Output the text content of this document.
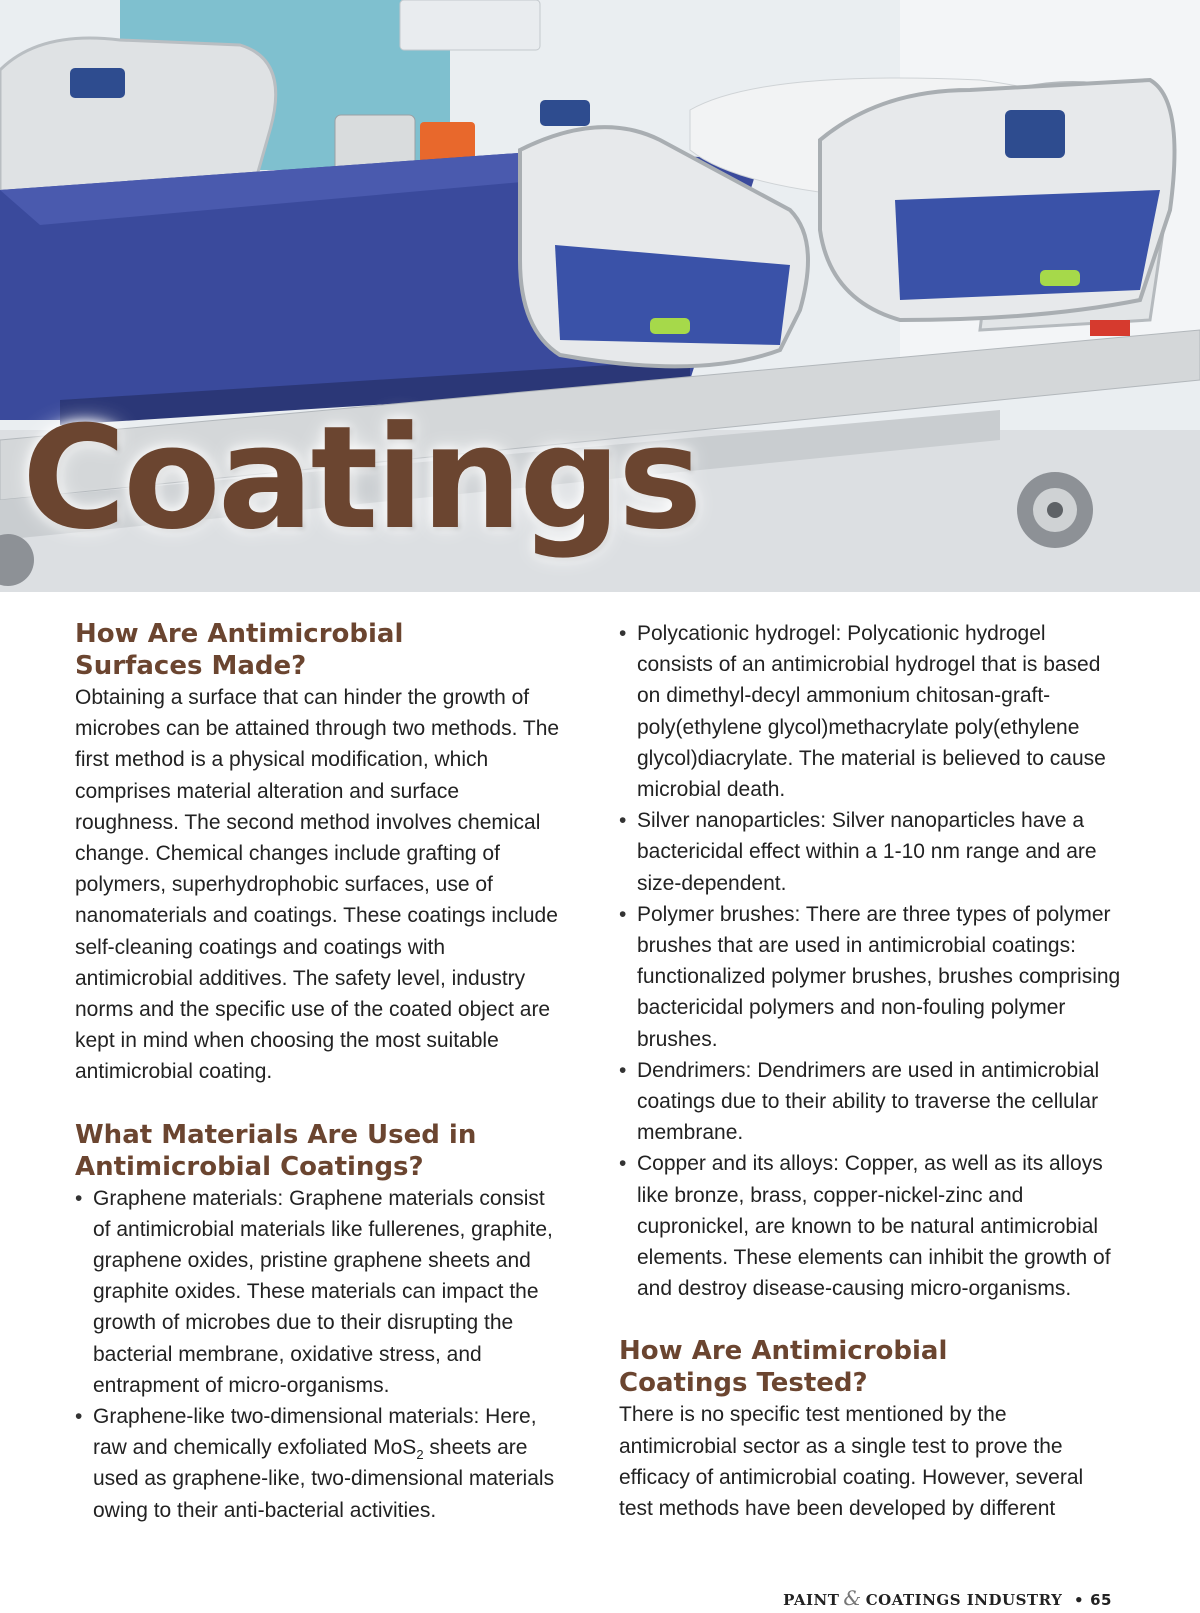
Coatings
How Are Antimicrobial Surfaces Made?

Obtaining a surface that can hinder the growth of microbes can be attained through two methods. The first method is a physical modification, which comprises material alteration and surface roughness. The second method involves chemical change. Chemical changes include grafting of polymers, superhydrophobic surfaces, use of nanomaterials and coatings. These coatings include self-cleaning coatings and coatings with antimicrobial additives. The safety level, industry norms and the specific use of the coated object are kept in mind when choosing the most suitable antimicrobial coating.

What Materials Are Used in Antimicrobial Coatings?
• Graphene materials: Graphene materials consist of antimicrobial materials like fullerenes, graphite, graphene oxides, pristine graphene sheets and graphite oxides. These materials can impact the growth of microbes due to their disrupting the bacterial membrane, oxidative stress, and entrapment of micro-organisms.
• Graphene-like two-dimensional materials: Here, raw and chemically exfoliated MoS$_2$ sheets are used as graphene-like, two-dimensional materials owing to their anti-bacterial activities.
• Polycationic hydrogel: Polycationic hydrogel consists of an antimicrobial hydrogel that is based on dimethyl-decyl ammonium chitosan-graft-poly(ethylene glycol)methacrylate poly(ethylene glycol)diacrylate. The material is believed to cause microbial death.
• Silver nanoparticles: Silver nanoparticles have a bactericidal effect within a 1-10 nm range and are size-dependent.
• Polymer brushes: There are three types of polymer brushes that are used in antimicrobial coatings: functionalized polymer brushes, brushes comprising bactericidal polymers and non-fouling polymer brushes.
• Dendrimers: Dendrimers are used in antimicrobial coatings due to their ability to traverse the cellular membrane.
• Copper and its alloys: Copper, as well as its alloys like bronze, brass, copper-nickel-zinc and cupronickel, are known to be natural antimicrobial elements. These elements can inhibit the growth of and destroy disease-causing micro-organisms.
How Are Antimicrobial Coatings Tested?

There is no specific test mentioned by the antimicrobial sector as a single test to prove the efficacy of antimicrobial coating. However, several test methods have been developed by different

PAINT & COATINGS INDUSTRY • 65
